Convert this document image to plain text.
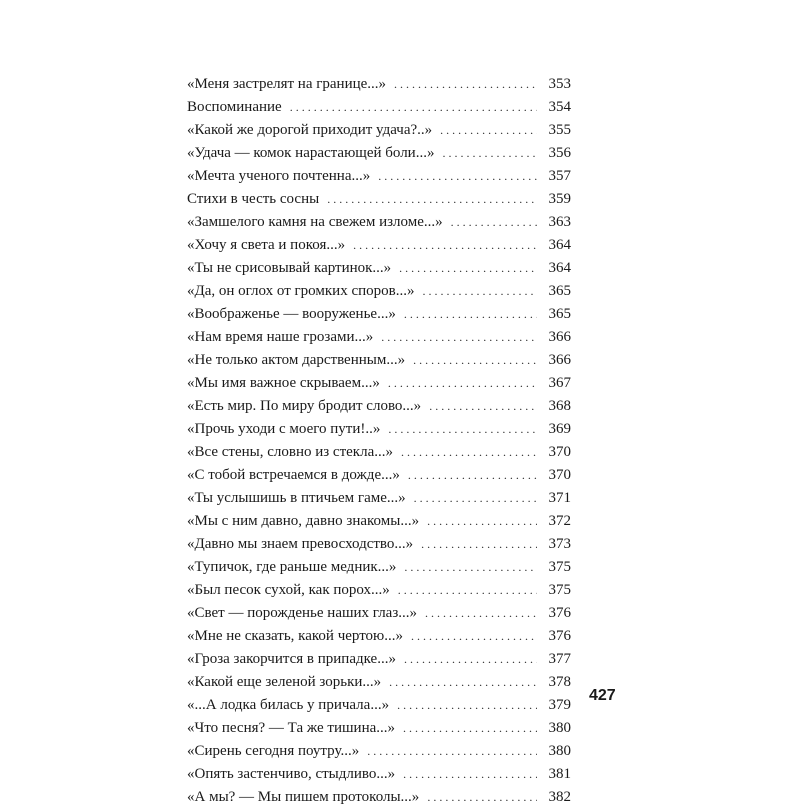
«Меня застрелят на границе...» . . .	353
Воспоминание . . .	354
«Какой же дорогой приходит удача?..» . . .	355
«Удача — комок нарастающей боли...» . . .	356
«Мечта ученого почтенна...» . . .	357
Стихи в честь сосны . . .	359
«Замшелого камня на свежем изломе...» . . .	363
«Хочу я света и покоя...» . . .	364
«Ты не срисовывай картинок...» . . .	364
«Да, он оглох от громких споров...» . . .	365
«Воображенье — вооруженье...» . . .	365
«Нам время наше грозами...» . . .	366
«Не только актом дарственным...» . . .	366
«Мы имя важное скрываем...» . . .	367
«Есть мир. По миру бродит слово...» . . .	368
«Прочь уходи с моего пути!..» . . .	369
«Все стены, словно из стекла...» . . .	370
«С тобой встречаемся в дожде...» . . .	370
«Ты услышишь в птичьем гаме...» . . .	371
«Мы с ним давно, давно знакомы...» . . .	372
«Давно мы знаем превосходство...» . . .	373
«Тупичок, где раньше медник...» . . .	375
«Был песок сухой, как порох...» . . .	375
«Свет — порожденье наших глаз...» . . .	376
«Мне не сказать, какой чертою...» . . .	376
«Гроза закорчится в припадке...» . . .	377
«Какой еще зеленой зорьки...» . . .	378
«...А лодка билась у причала...» . . .	379
«Что песня? — Та же тишина...» . . .	380
«Сирень сегодня поутру...» . . .	380
«Опять застенчиво, стыдливо...» . . .	381
«А мы? — Мы пишем протоколы...» . . .	382
427
